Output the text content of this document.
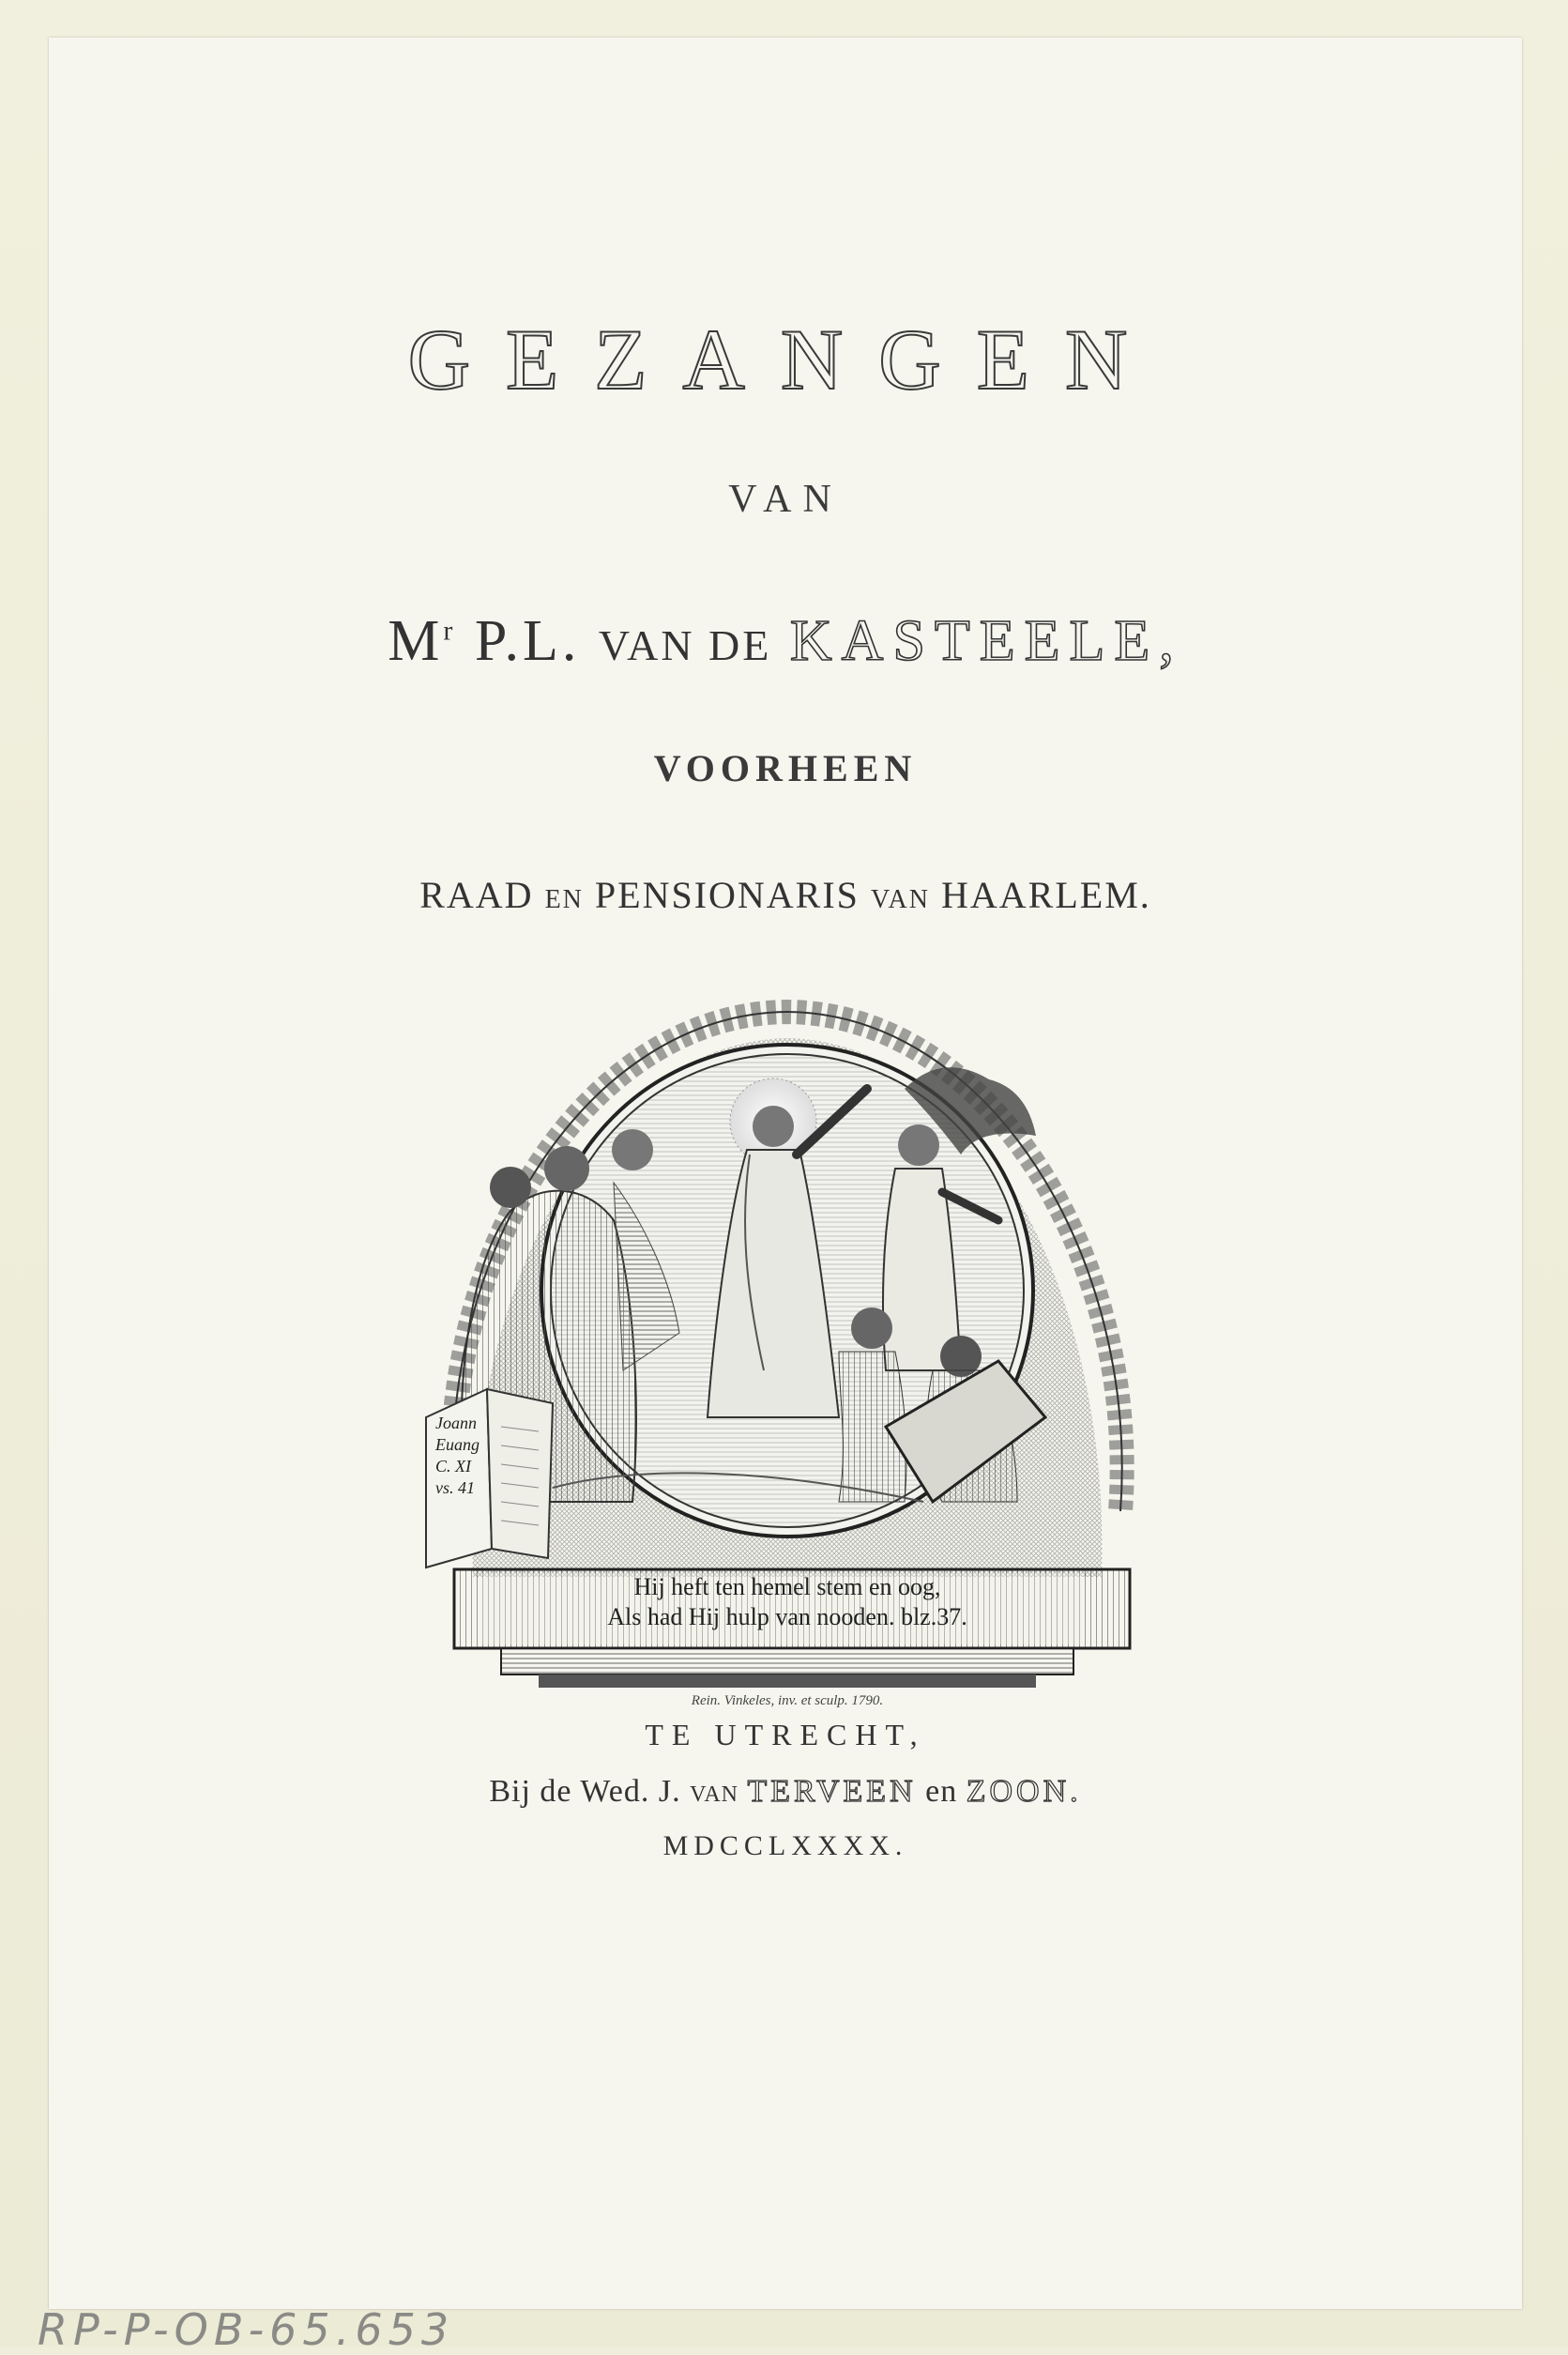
GEZANGEN
VAN
$M^r$ P.L. VAN DE KASTEELE,
VOORHEEN
RAAD EN PENSIONARIS VAN HAARLEM.
Joann
Euang
C. XI
vs. 41
Hij heft ten hemel stem en oog,
Als had Hij hulp van nooden. blz.37.
Rein. Vinkeles, inv. et sculp. 1790.
TE UTRECHT,
Bij de Wed. J. VAN TERVEEN en ZOON.
MDCCLXXXX.
RP-P-OB-65.653
